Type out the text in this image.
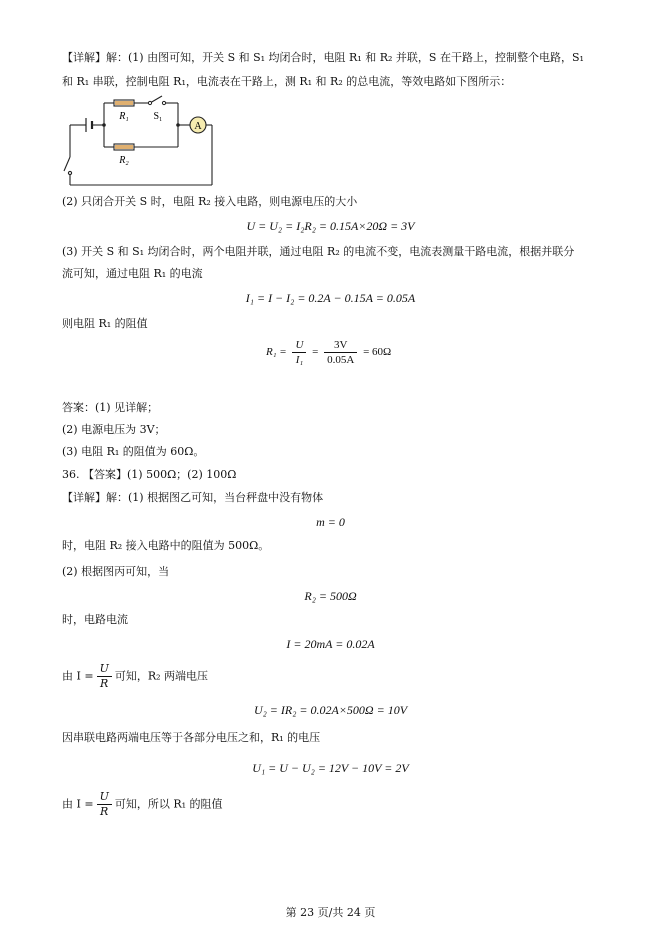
【详解】解：(1) 由图可知，开关 S 和 S₁ 均闭合时，电阻 R₁ 和 R₂ 并联，S 在干路上，控制整个电路，S₁
和 R₁ 串联，控制电阻 R₁，电流表在干路上，测 R₁ 和 R₂ 的总电流，等效电路如下图所示：
A
R₁ S₁
R₂
(2) 只闭合开关 S 时，电阻 R₂ 接入电路，则电源电压的大小
U = U₂ = I₂R₂ = 0.15A×20Ω = 3V
(3) 开关 S 和 S₁ 均闭合时，两个电阻并联，通过电阻 R₂ 的电流不变，电流表测量干路电流，根据并联分
流可知，通过电阻 R₁ 的电流
I₁ = I − I₂ = 0.2A − 0.15A = 0.05A
则电阻 R₁ 的阻值
$R_1 = \frac{U}{\text{I₁}} = \frac{3V}{0.05A} = 60\Omega$
答案：(1) 见详解；
(2) 电源电压为 3V；
(3) 电阻 R₁ 的阻值为 60Ω。
36. 【答案】(1) 500Ω；(2) 100Ω
【详解】解：(1) 根据图乙可知，当台秤盘中没有物体
m = 0
时，电阻 R₂ 接入电路中的阻值为 500Ω。
(2) 根据图丙可知，当
R₂ = 500Ω
时，电路电流
I = 20mA = 0.02A
由 $I = \frac{U}{R}$ 可知，R₂ 两端电压
U₂ = IR₂ = 0.02A×500Ω = 10V
因串联电路两端电压等于各部分电压之和，R₁ 的电压
U₁ = U − U₂ = 12V − 10V = 2V
由 $I = \frac{U}{R}$ 可知，所以 R₁ 的阻值
第 23 页/共 24 页
